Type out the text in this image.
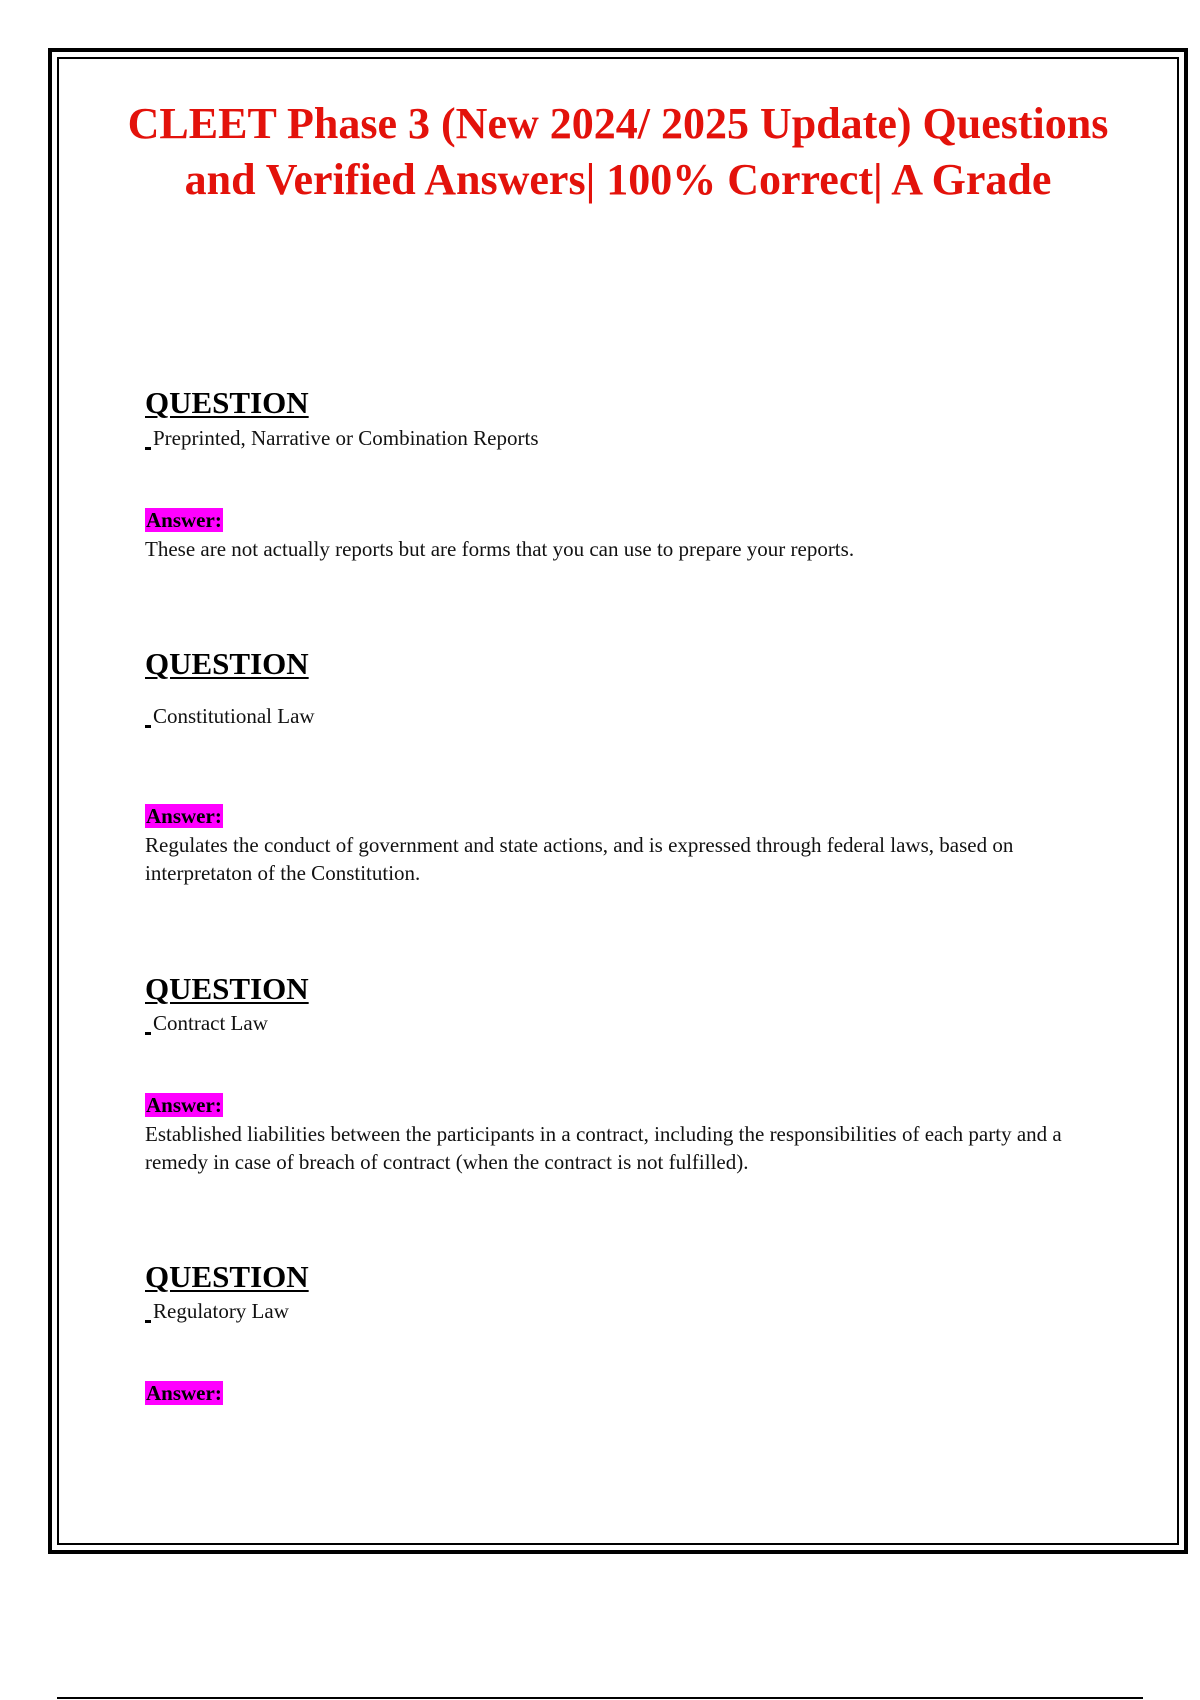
CLEET Phase 3 (New 2024/ 2025 Update) Questions and Verified Answers| 100% Correct| A Grade
QUESTION
Preprinted, Narrative or Combination Reports
Answer:
These are not actually reports but are forms that you can use to prepare your reports.
QUESTION
Constitutional Law
Answer:
Regulates the conduct of government and state actions, and is expressed through federal laws, based on interpretaton of the Constitution.
QUESTION
Contract Law
Answer:
Established liabilities between the participants in a contract, including the responsibilities of each party and a remedy in case of breach of contract (when the contract is not fulfilled).
QUESTION
Regulatory Law
Answer:
